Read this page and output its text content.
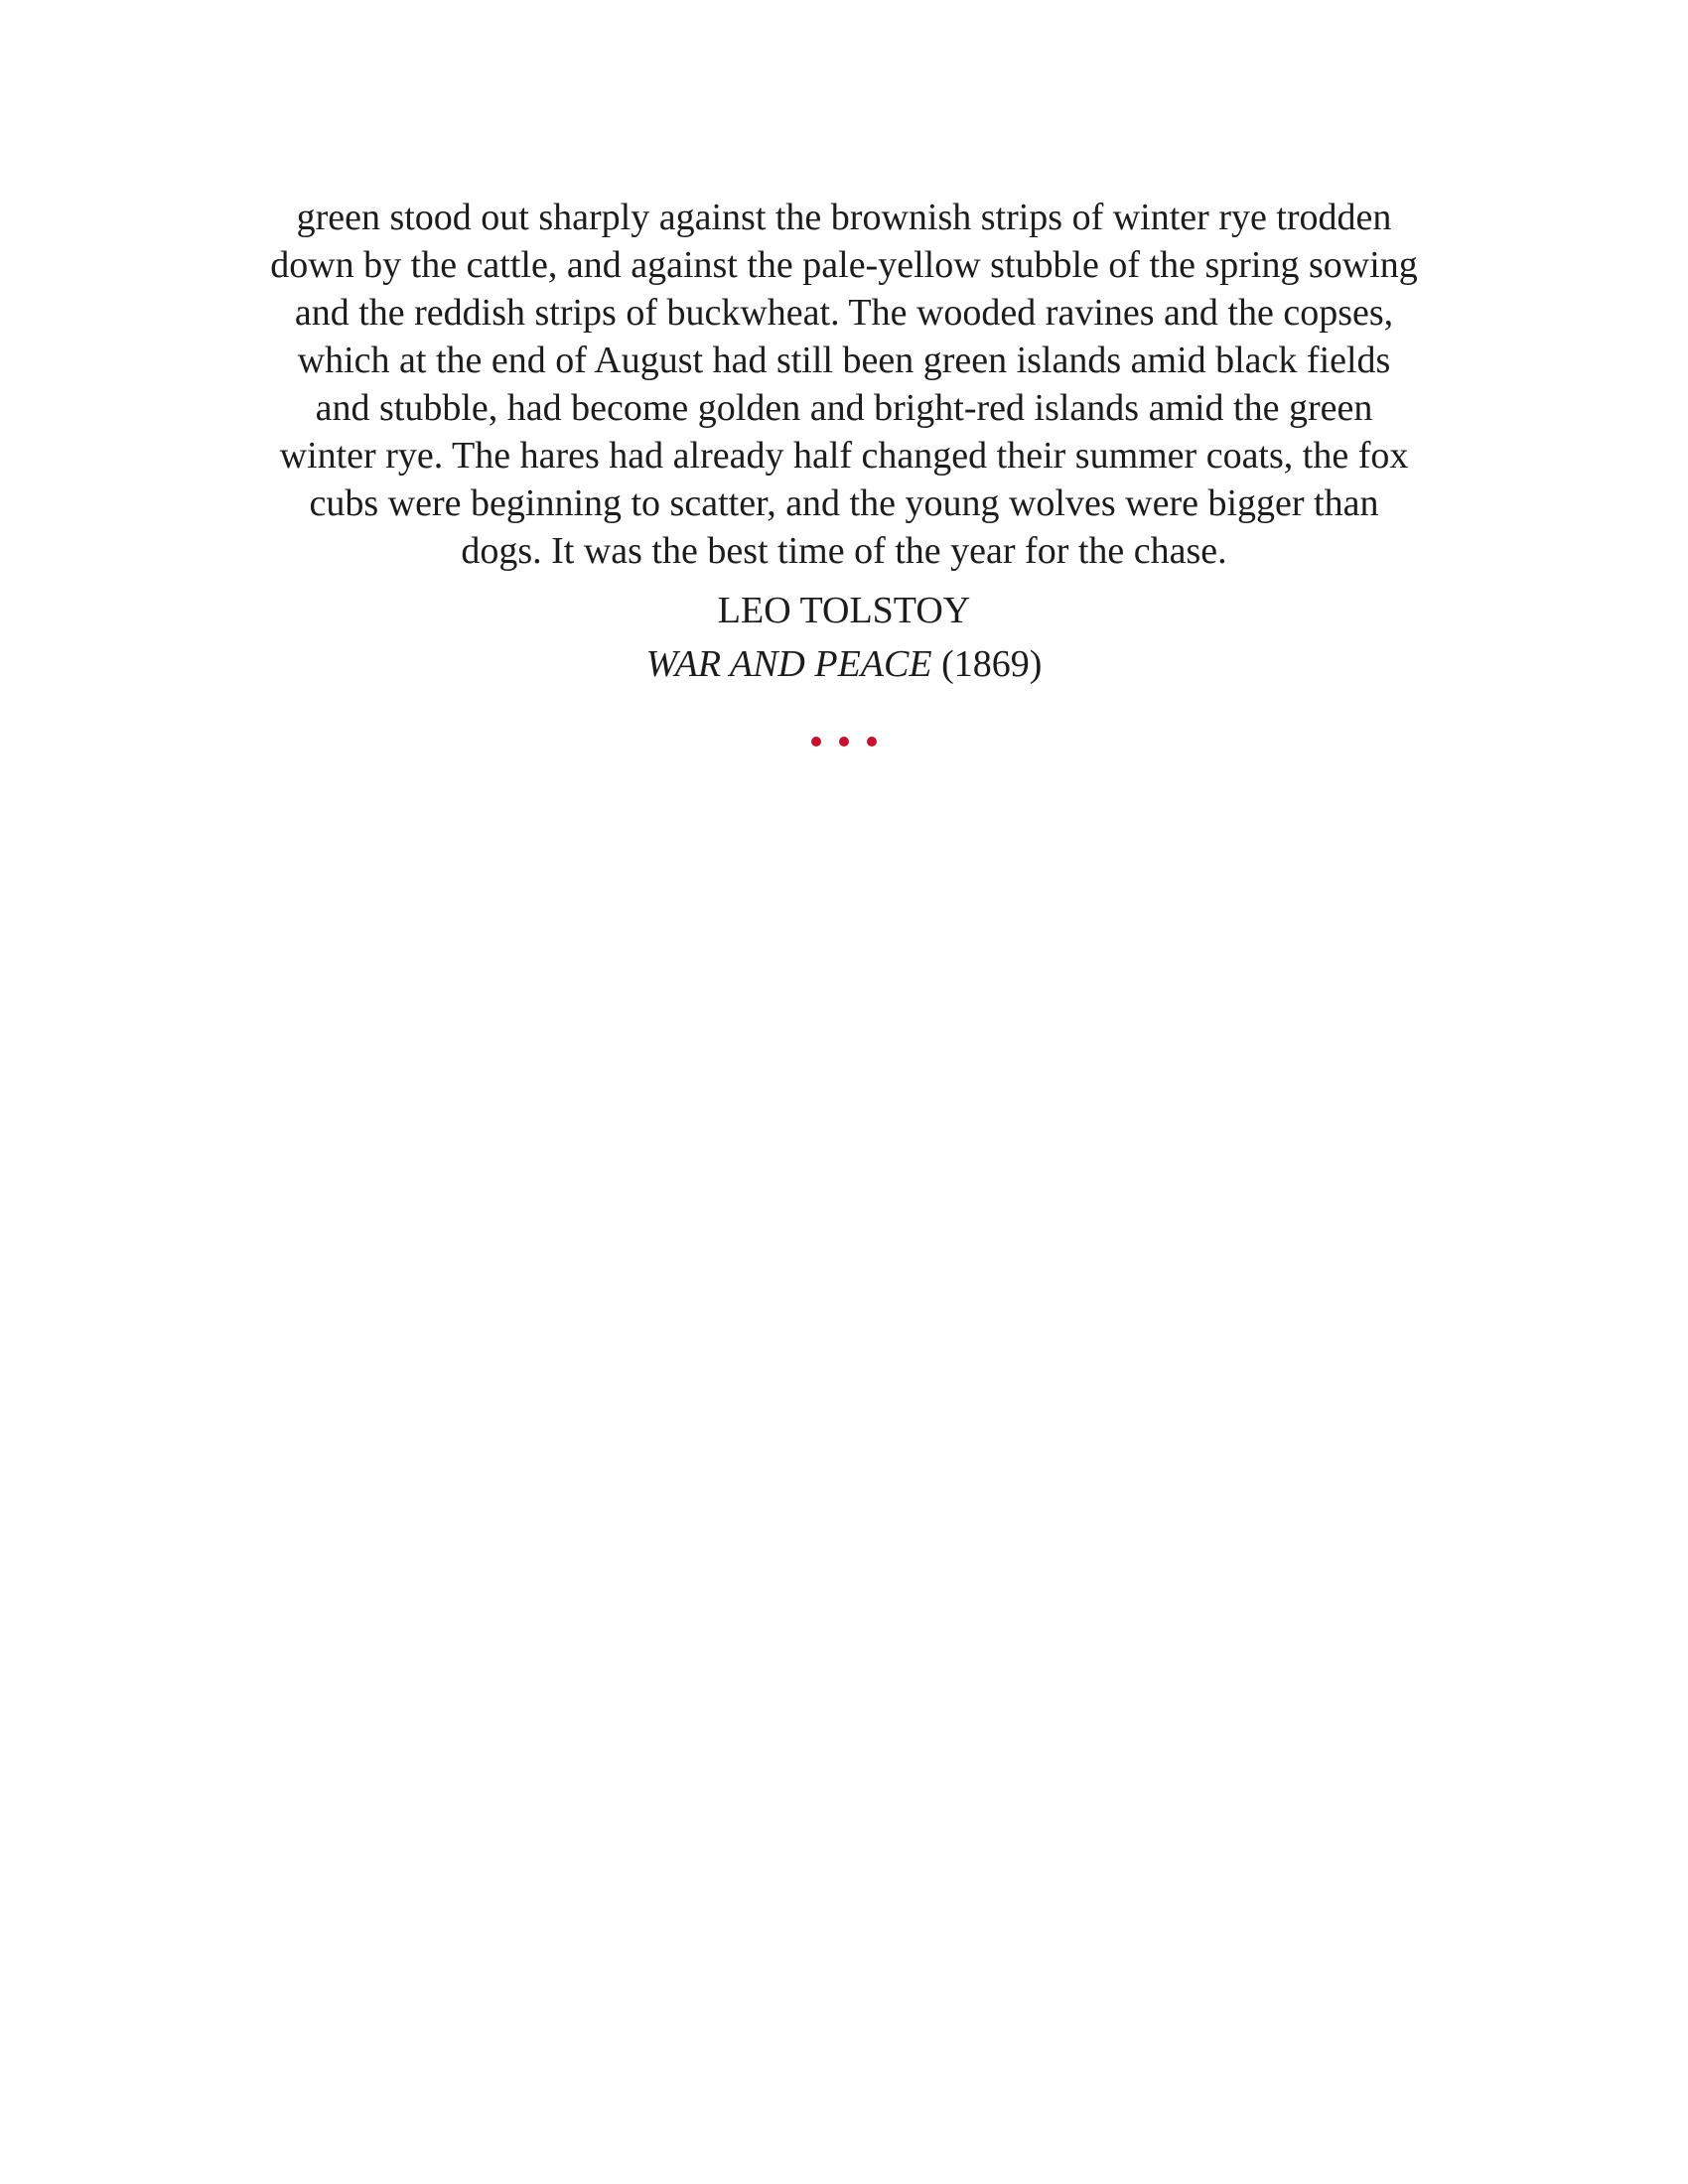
green stood out sharply against the brownish strips of winter rye trodden
down by the cattle, and against the pale-yellow stubble of the spring sowing
and the reddish strips of buckwheat. The wooded ravines and the copses,
which at the end of August had still been green islands amid black fields
and stubble, had become golden and bright-red islands amid the green
winter rye. The hares had already half changed their summer coats, the fox
cubs were beginning to scatter, and the young wolves were bigger than
dogs. It was the best time of the year for the chase.
LEO TOLSTOY
WAR AND PEACE (1869)
